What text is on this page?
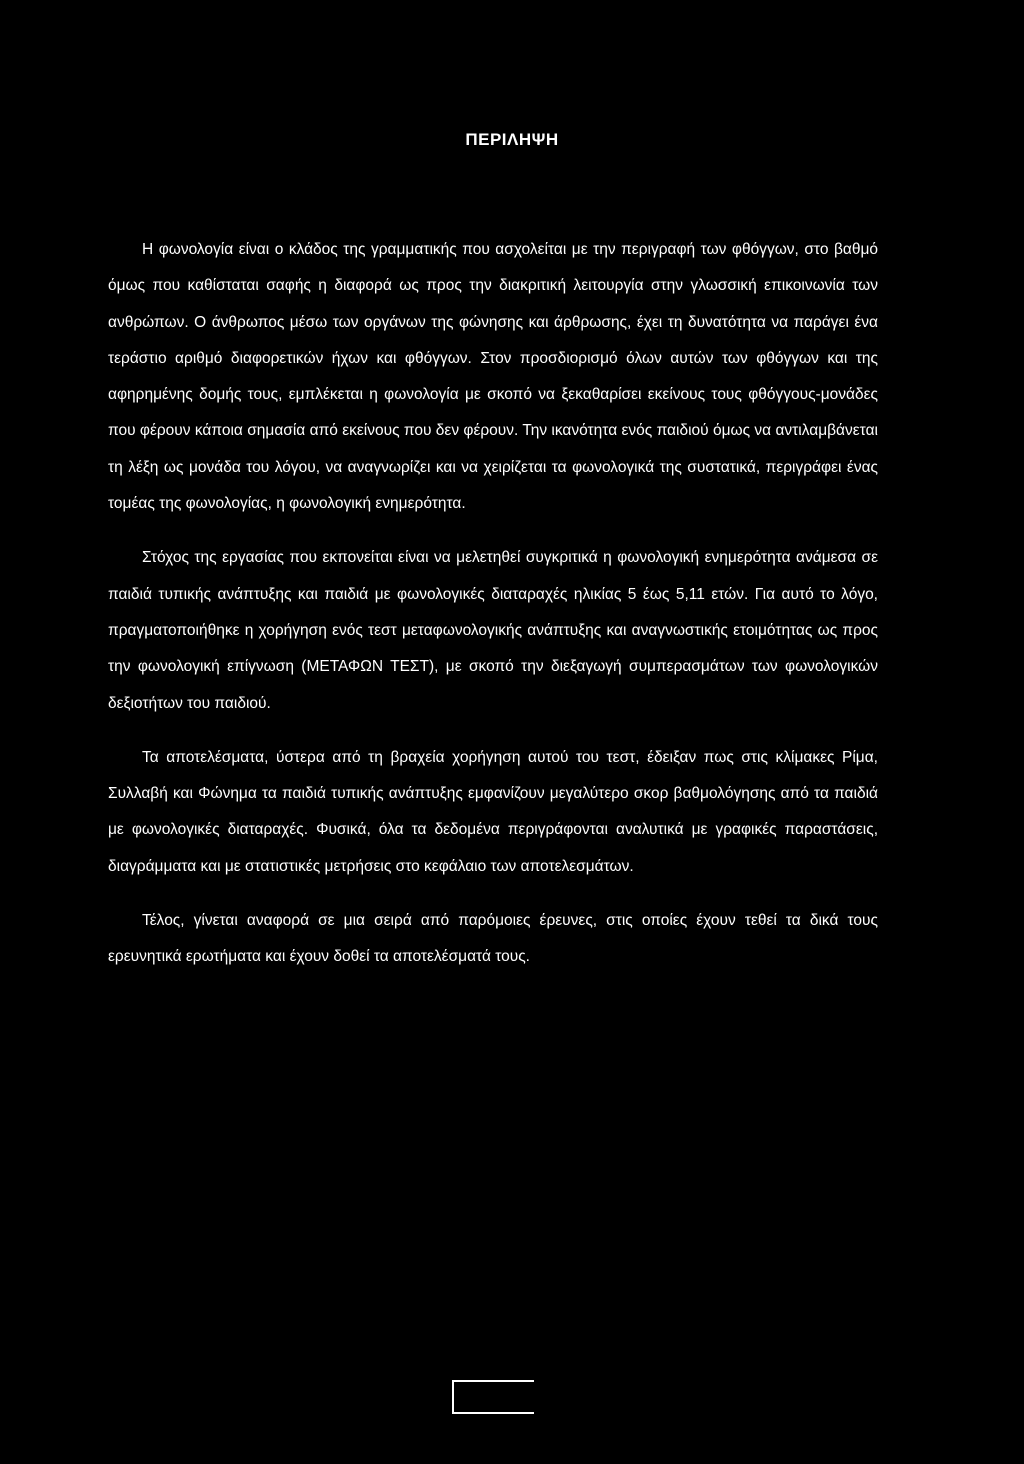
ΠΕΡΙΛΗΨΗ

Η φωνολογία είναι ο κλάδος της γραμματικής που ασχολείται με την περιγραφή των φθόγγων, στο βαθμό όμως που καθίσταται σαφής η διαφορά ως προς την διακριτική λειτουργία στην γλωσσική επικοινωνία των ανθρώπων. Ο άνθρωπος μέσω των οργάνων της φώνησης και άρθρωσης, έχει τη δυνατότητα να παράγει ένα τεράστιο αριθμό διαφορετικών ήχων και φθόγγων. Στον προσδιορισμό όλων αυτών των φθόγγων και της αφηρημένης δομής τους, εμπλέκεται η φωνολογία με σκοπό να ξεκαθαρίσει εκείνους τους φθόγγους-μονάδες που φέρουν κάποια σημασία από εκείνους που δεν φέρουν. Την ικανότητα ενός παιδιού όμως να αντιλαμβάνεται τη λέξη ως μονάδα του λόγου, να αναγνωρίζει και να χειρίζεται τα φωνολογικά της συστατικά, περιγράφει ένας τομέας της φωνολογίας, η φωνολογική ενημερότητα.

Στόχος της εργασίας που εκπονείται είναι να μελετηθεί συγκριτικά η φωνολογική ενημερότητα ανάμεσα σε παιδιά τυπικής ανάπτυξης και παιδιά με φωνολογικές διαταραχές ηλικίας 5 έως 5,11 ετών. Για αυτό το λόγο, πραγματοποιήθηκε η χορήγηση ενός τεστ μεταφωνολογικής ανάπτυξης και αναγνωστικής ετοιμότητας ως προς την φωνολογική επίγνωση (ΜΕΤΑΦΩΝ ΤΕΣΤ), με σκοπό την διεξαγωγή συμπερασμάτων των φωνολογικών δεξιοτήτων του παιδιού.

Τα αποτελέσματα, ύστερα από τη βραχεία χορήγηση αυτού του τεστ, έδειξαν πως στις κλίμακες Ρίμα, Συλλαβή και Φώνημα τα παιδιά τυπικής ανάπτυξης εμφανίζουν μεγαλύτερο σκορ βαθμολόγησης από τα παιδιά με φωνολογικές διαταραχές. Φυσικά, όλα τα δεδομένα περιγράφονται αναλυτικά με γραφικές παραστάσεις, διαγράμματα και με στατιστικές μετρήσεις στο κεφάλαιο των αποτελεσμάτων.

Τέλος, γίνεται αναφορά σε μια σειρά από παρόμοιες έρευνες, στις οποίες έχουν τεθεί τα δικά τους ερευνητικά ερωτήματα και έχουν δοθεί τα αποτελέσματά τους.
